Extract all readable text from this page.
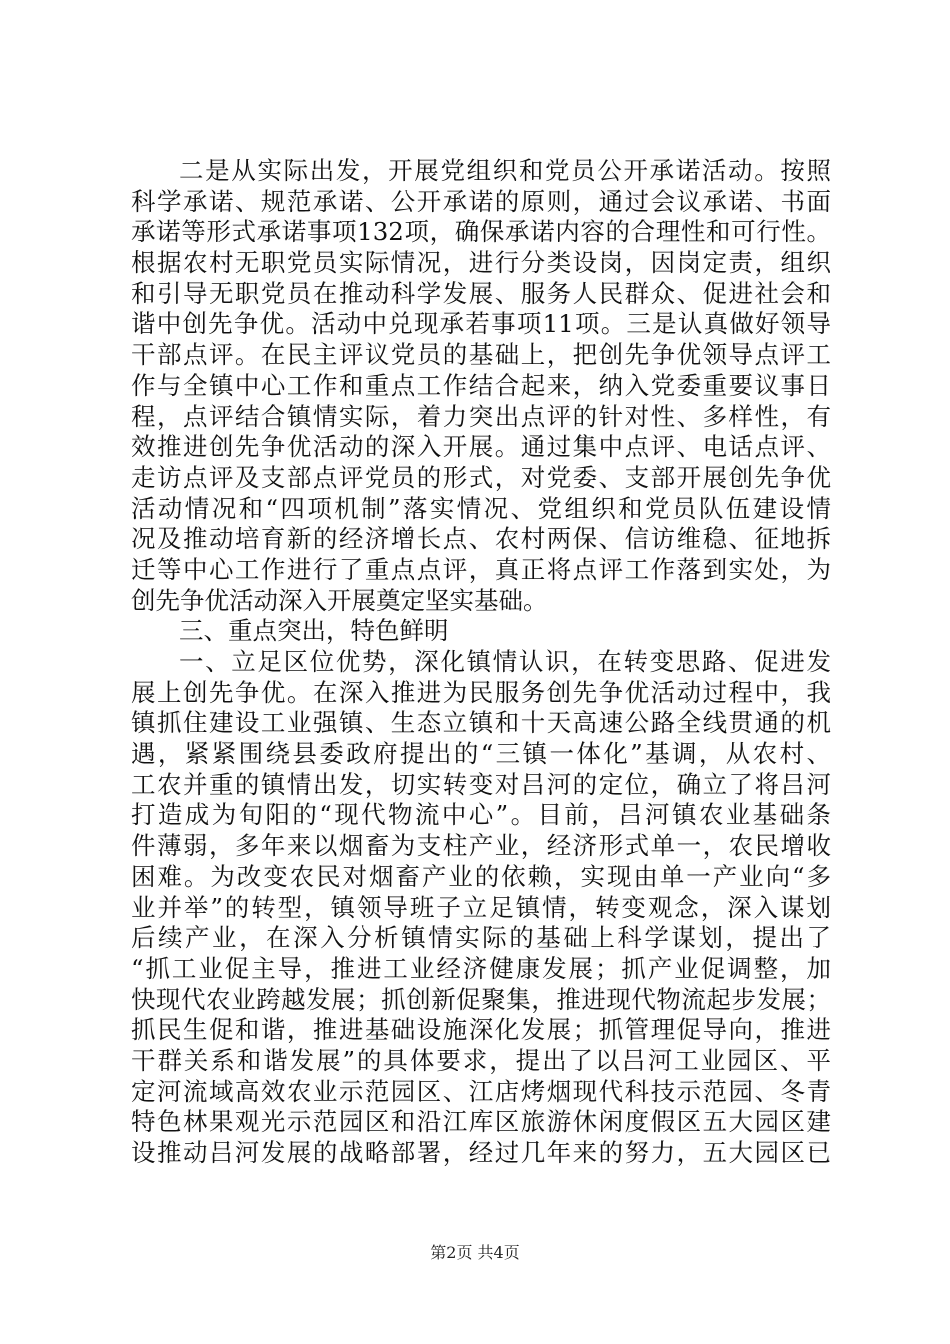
二是从实际出发，开展党组织和党员公开承诺活动。按照
科学承诺、规范承诺、公开承诺的原则，通过会议承诺、书面
承诺等形式承诺事项132项，确保承诺内容的合理性和可行性。
根据农村无职党员实际情况，进行分类设岗，因岗定责，组织
和引导无职党员在推动科学发展、服务人民群众、促进社会和
谐中创先争优。活动中兑现承若事项11项。三是认真做好领导
干部点评。在民主评议党员的基础上，把创先争优领导点评工
作与全镇中心工作和重点工作结合起来，纳入党委重要议事日
程，点评结合镇情实际，着力突出点评的针对性、多样性，有
效推进创先争优活动的深入开展。通过集中点评、电话点评、
走访点评及支部点评党员的形式，对党委、支部开展创先争优
活动情况和“四项机制”落实情况、党组织和党员队伍建设情
况及推动培育新的经济增长点、农村两保、信访维稳、征地拆
迁等中心工作进行了重点点评，真正将点评工作落到实处，为
创先争优活动深入开展奠定坚实基础。
三、重点突出，特色鲜明
一、立足区位优势，深化镇情认识，在转变思路、促进发
展上创先争优。在深入推进为民服务创先争优活动过程中，我
镇抓住建设工业强镇、生态立镇和十天高速公路全线贯通的机
遇，紧紧围绕县委政府提出的“三镇一体化”基调，从农村、
工农并重的镇情出发，切实转变对吕河的定位，确立了将吕河
打造成为旬阳的“现代物流中心”。目前，吕河镇农业基础条
件薄弱，多年来以烟畜为支柱产业，经济形式单一，农民增收
困难。为改变农民对烟畜产业的依赖，实现由单一产业向“多
业并举”的转型，镇领导班子立足镇情，转变观念，深入谋划
后续产业，在深入分析镇情实际的基础上科学谋划，提出了
“抓工业促主导，推进工业经济健康发展；抓产业促调整，加
快现代农业跨越发展；抓创新促聚集，推进现代物流起步发展；
抓民生促和谐，推进基础设施深化发展；抓管理促导向，推进
干群关系和谐发展”的具体要求，提出了以吕河工业园区、平
定河流域高效农业示范园区、江店烤烟现代科技示范园、冬青
特色林果观光示范园区和沿江库区旅游休闲度假区五大园区建
设推动吕河发展的战略部署，经过几年来的努力，五大园区已
第2页 共4页
